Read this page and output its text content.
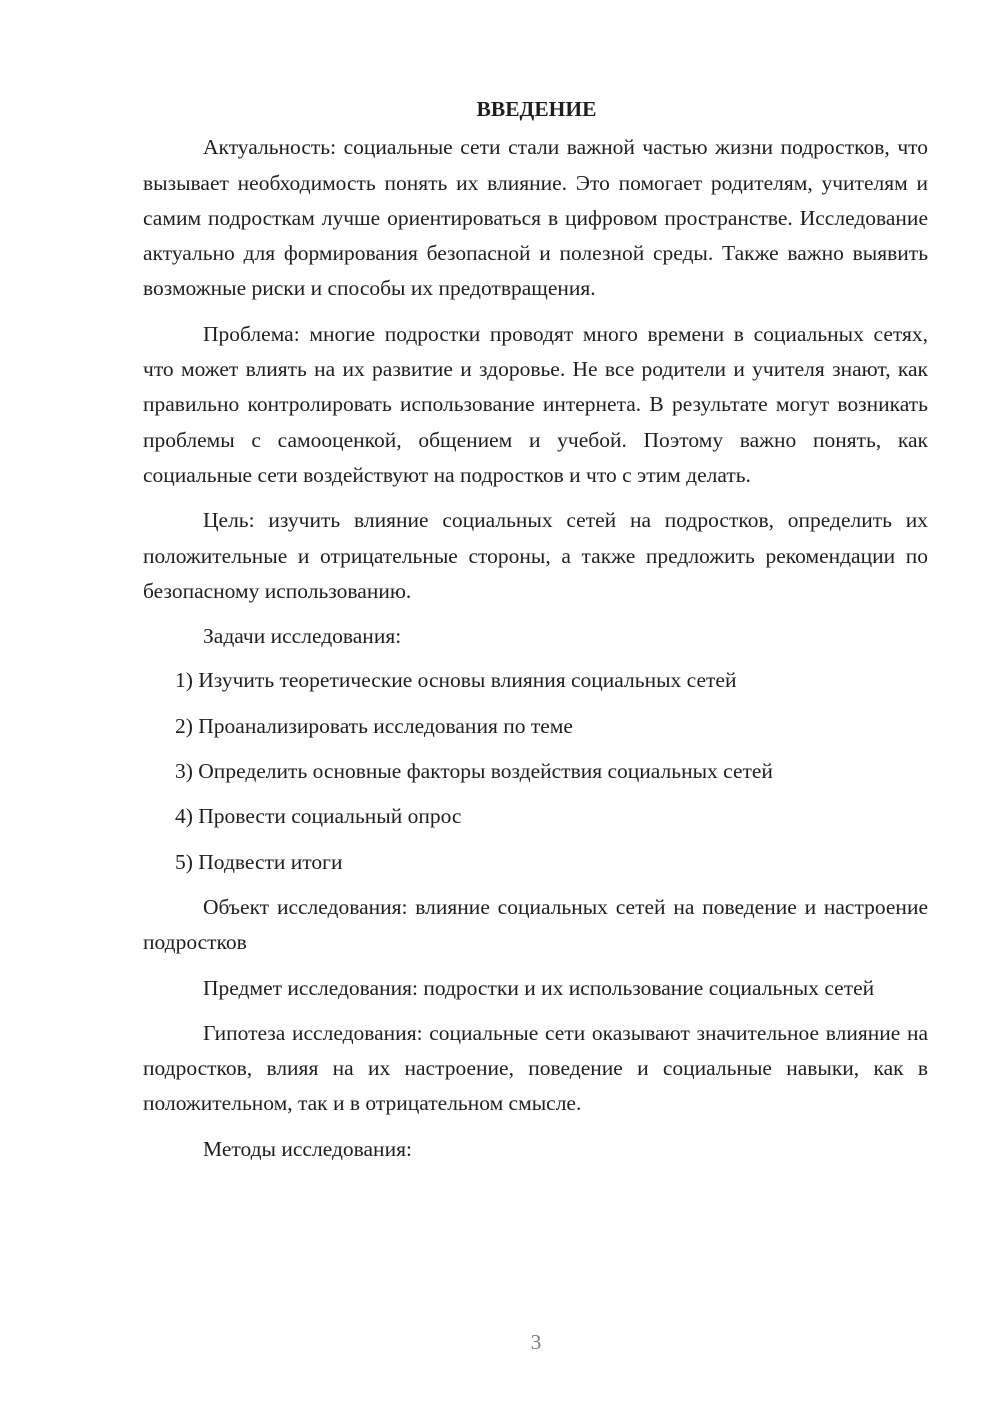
ВВЕДЕНИЕ

Актуальность: социальные сети стали важной частью жизни подростков, что вызывает необходимость понять их влияние. Это помогает родителям, учителям и самим подросткам лучше ориентироваться в цифровом пространстве. Исследование актуально для формирования безопасной и полезной среды. Также важно выявить возможные риски и способы их предотвращения.

Проблема: многие подростки проводят много времени в социальных сетях, что может влиять на их развитие и здоровье. Не все родители и учителя знают, как правильно контролировать использование интернета. В результате могут возникать проблемы с самооценкой, общением и учебой. Поэтому важно понять, как социальные сети воздействуют на подростков и что с этим делать.

Цель: изучить влияние социальных сетей на подростков, определить их положительные и отрицательные стороны, а также предложить рекомендации по безопасному использованию.

Задачи исследования:
1) Изучить теоретические основы влияния социальных сетей
2) Проанализировать исследования по теме
3) Определить основные факторы воздействия социальных сетей
4) Провести социальный опрос
5) Подвести итоги

Объект исследования: влияние социальных сетей на поведение и настроение подростков

Предмет исследования: подростки и их использование социальных сетей

Гипотеза исследования: социальные сети оказывают значительное влияние на подростков, влияя на их настроение, поведение и социальные навыки, как в положительном, так и в отрицательном смысле.

Методы исследования:

3
